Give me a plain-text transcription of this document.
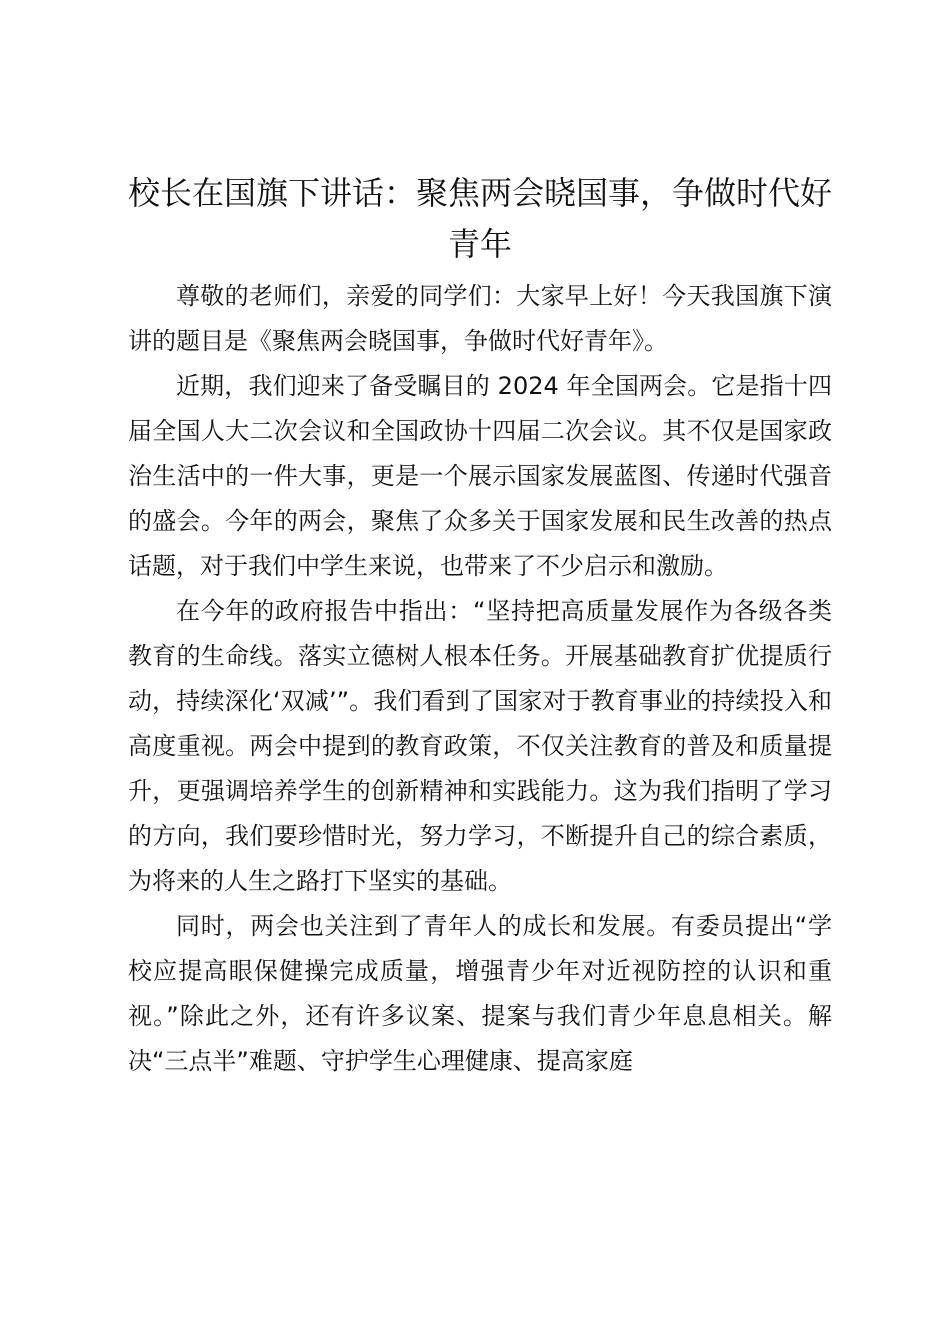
校长在国旗下讲话：聚焦两会晓国事，争做时代好青年

尊敬的老师们，亲爱的同学们：大家早上好！今天我国旗下演讲的题目是《聚焦两会晓国事，争做时代好青年》。

近期，我们迎来了备受瞩目的 2024 年全国两会。它是指十四届全国人大二次会议和全国政协十四届二次会议。其不仅是国家政治生活中的一件大事，更是一个展示国家发展蓝图、传递时代强音的盛会。今年的两会，聚焦了众多关于国家发展和民生改善的热点话题，对于我们中学生来说，也带来了不少启示和激励。

在今年的政府报告中指出：“坚持把高质量发展作为各级各类教育的生命线。落实立德树人根本任务。开展基础教育扩优提质行动，持续深化‘双减’”。我们看到了国家对于教育事业的持续投入和高度重视。两会中提到的教育政策，不仅关注教育的普及和质量提升，更强调培养学生的创新精神和实践能力。这为我们指明了学习的方向，我们要珍惜时光，努力学习，不断提升自己的综合素质，为将来的人生之路打下坚实的基础。

同时，两会也关注到了青年人的成长和发展。有委员提出“学校应提高眼保健操完成质量，增强青少年对近视防控的认识和重视。”除此之外，还有许多议案、提案与我们青少年息息相关。解决“三点半”难题、守护学生心理健康、提高家庭
